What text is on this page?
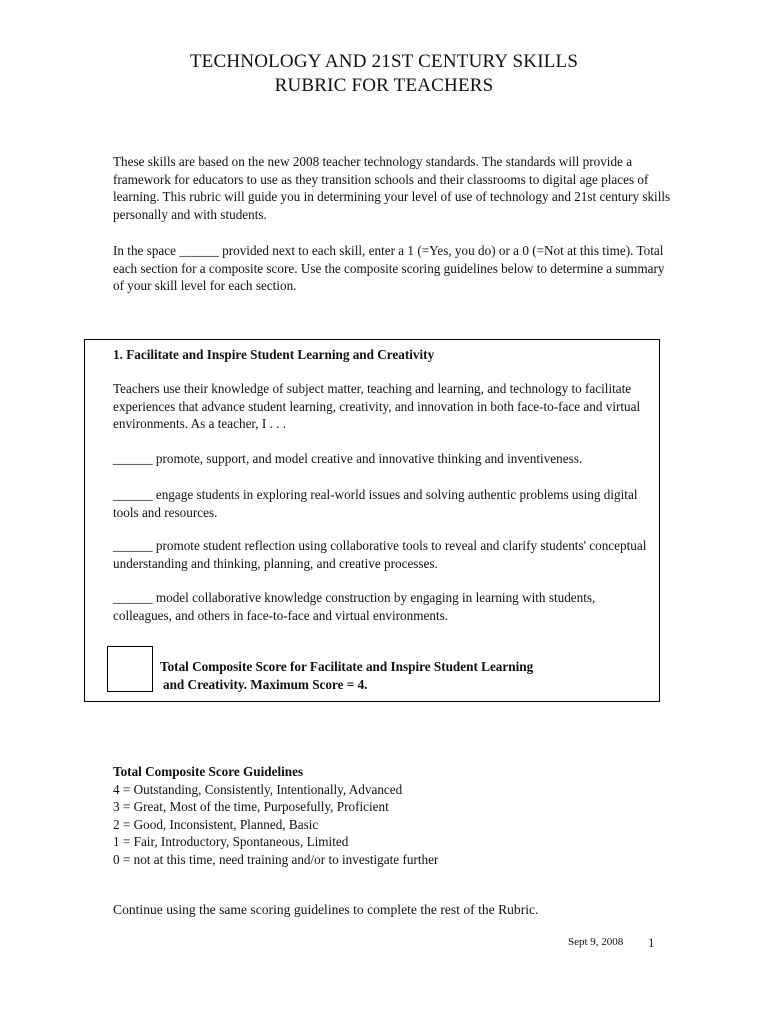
TECHNOLOGY AND 21ST CENTURY SKILLS
RUBRIC FOR TEACHERS
These skills are based on the new 2008 teacher technology standards. The standards will provide a framework for educators to use as they transition schools and their classrooms to digital age places of learning. This rubric will guide you in determining your level of use of technology and 21st century skills personally and with students.
In the space ______ provided next to each skill, enter a 1 (=Yes, you do) or a 0 (=Not at this time). Total each section for a composite score. Use the composite scoring guidelines below to determine a summary of your skill level for each section.
1. Facilitate and Inspire Student Learning and Creativity
Teachers use their knowledge of subject matter, teaching and learning, and technology to facilitate experiences that advance student learning, creativity, and innovation in both face-to-face and virtual environments. As a teacher, I . . .
______ promote, support, and model creative and innovative thinking and inventiveness.
______ engage students in exploring real-world issues and solving authentic problems using digital tools and resources.
______ promote student reflection using collaborative tools to reveal and clarify students' conceptual understanding and thinking, planning, and creative processes.
______ model collaborative knowledge construction by engaging in learning with students, colleagues, and others in face-to-face and virtual environments.
Total Composite Score for Facilitate and Inspire Student Learning
and Creativity. Maximum Score = 4.
Total Composite Score Guidelines
4 = Outstanding, Consistently, Intentionally, Advanced
3 = Great, Most of the time, Purposefully, Proficient
2 = Good, Inconsistent, Planned, Basic
1 = Fair, Introductory, Spontaneous, Limited
0 = not at this time, need training and/or to investigate further
Continue using the same scoring guidelines to complete the rest of the Rubric.
Sept 9, 2008 1
